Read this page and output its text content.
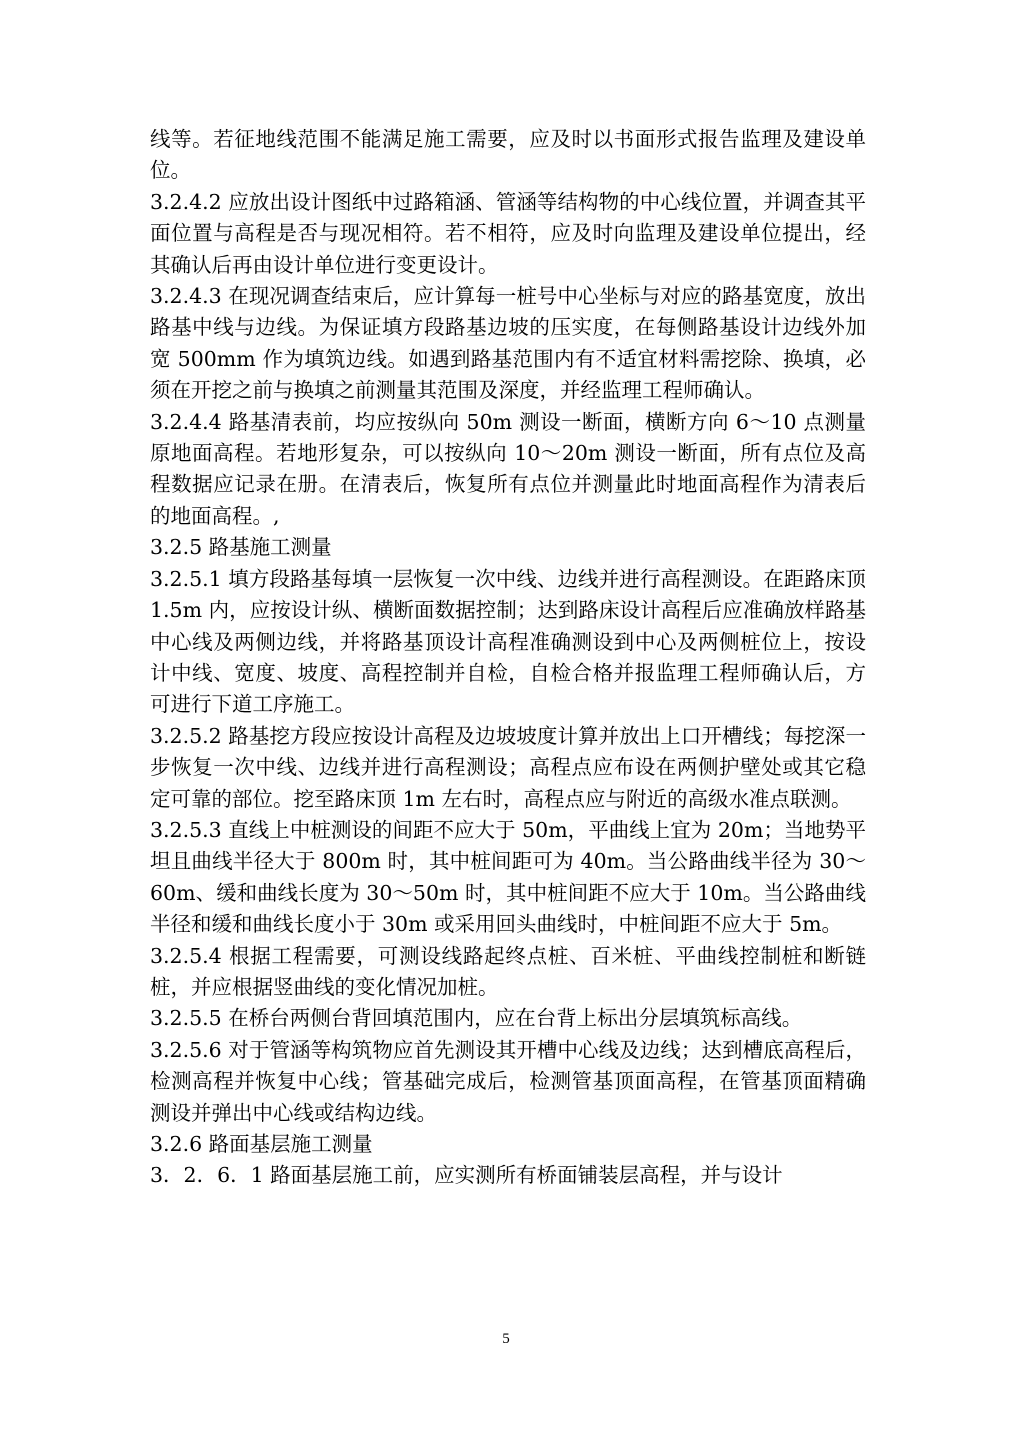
线等。若征地线范围不能满足施工需要，应及时以书面形式报告监理及建设单位。

3.2.4.2 应放出设计图纸中过路箱涵、管涵等结构物的中心线位置，并调查其平面位置与高程是否与现况相符。若不相符，应及时向监理及建设单位提出，经其确认后再由设计单位进行变更设计。

3.2.4.3 在现况调查结束后，应计算每一桩号中心坐标与对应的路基宽度，放出路基中线与边线。为保证填方段路基边坡的压实度，在每侧路基设计边线外加宽 500mm 作为填筑边线。如遇到路基范围内有不适宜材料需挖除、换填，必须在开挖之前与换填之前测量其范围及深度，并经监理工程师确认。

3.2.4.4 路基清表前，均应按纵向 50m 测设一断面，横断方向 6～10 点测量原地面高程。若地形复杂，可以按纵向 10～20m 测设一断面，所有点位及高程数据应记录在册。在清表后，恢复所有点位并测量此时地面高程作为清表后的地面高程。,

3.2.5 路基施工测量

3.2.5.1 填方段路基每填一层恢复一次中线、边线并进行高程测设。在距路床顶 1.5m 内，应按设计纵、横断面数据控制；达到路床设计高程后应准确放样路基中心线及两侧边线，并将路基顶设计高程准确测设到中心及两侧桩位上，按设计中线、宽度、坡度、高程控制并自检，自检合格并报监理工程师确认后，方可进行下道工序施工。

3.2.5.2 路基挖方段应按设计高程及边坡坡度计算并放出上口开槽线；每挖深一步恢复一次中线、边线并进行高程测设；高程点应布设在两侧护壁处或其它稳定可靠的部位。挖至路床顶 1m 左右时，高程点应与附近的高级水准点联测。

3.2.5.3 直线上中桩测设的间距不应大于 50m，平曲线上宜为 20m；当地势平坦且曲线半径大于 800m 时，其中桩间距可为 40m。当公路曲线半径为 30～60m、缓和曲线长度为 30～50m 时，其中桩间距不应大于 10m。当公路曲线半径和缓和曲线长度小于 30m 或采用回头曲线时，中桩间距不应大于 5m。

3.2.5.4 根据工程需要，可测设线路起终点桩、百米桩、平曲线控制桩和断链桩，并应根据竖曲线的变化情况加桩。

3.2.5.5 在桥台两侧台背回填范围内，应在台背上标出分层填筑标高线。

3.2.5.6 对于管涵等构筑物应首先测设其开槽中心线及边线；达到槽底高程后，检测高程并恢复中心线；管基础完成后，检测管基顶面高程，在管基顶面精确测设并弹出中心线或结构边线。

3.2.6 路面基层施工测量

3．2．6．1 路面基层施工前，应实测所有桥面铺装层高程，并与设计

5
